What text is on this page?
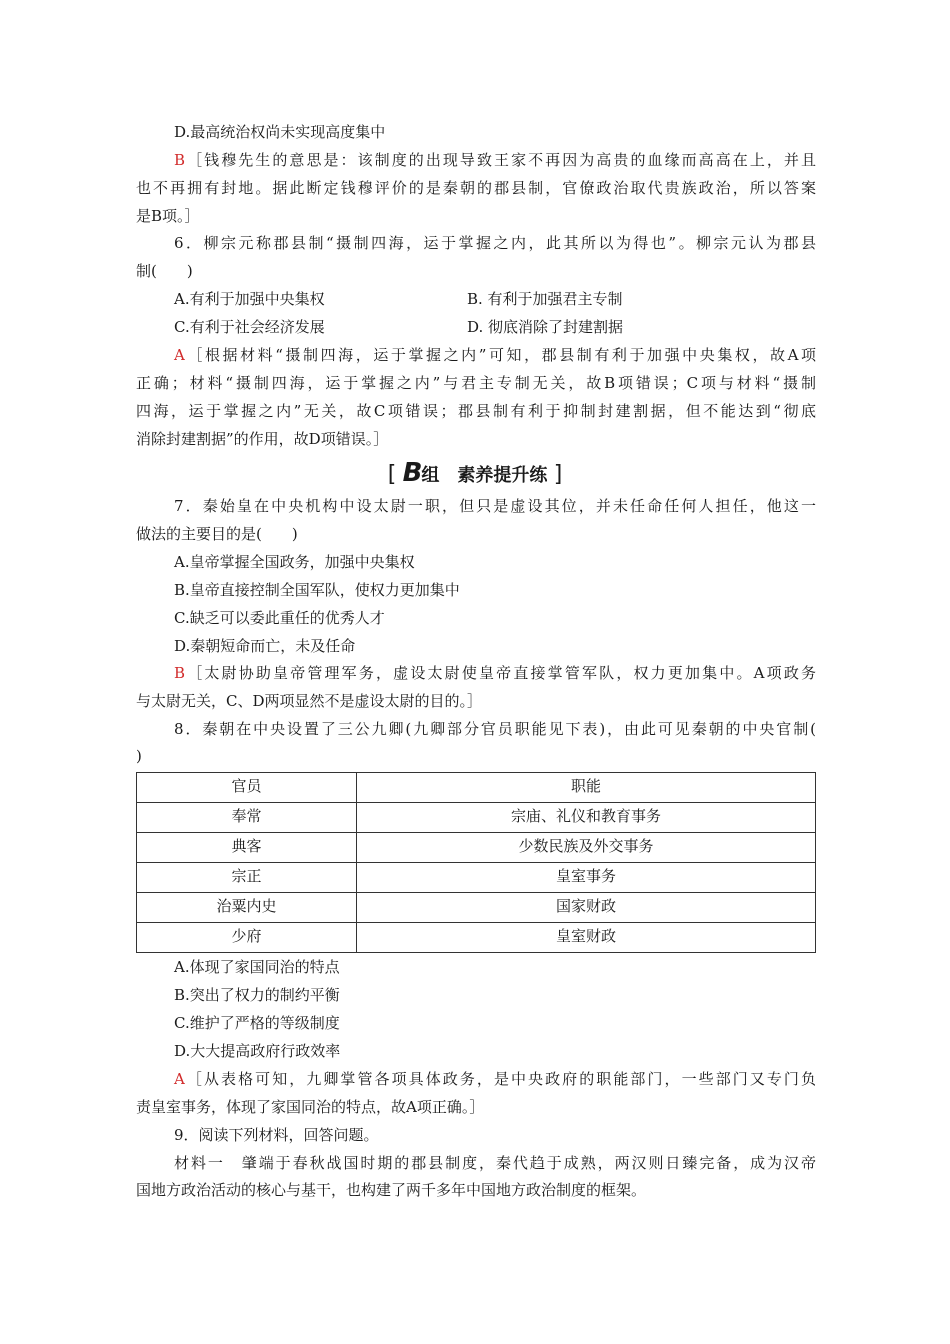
D.最高统治权尚未实现高度集中
B［钱穆先生的意思是：该制度的出现导致王家不再因为高贵的血缘而高高在上，并且
也不再拥有封地。据此断定钱穆评价的是秦朝的郡县制，官僚政治取代贵族政治，所以答案
是B项。］
6．柳宗元称郡县制“摄制四海，运于掌握之内，此其所以为得也”。柳宗元认为郡县
制(　　)
A.有利于加强中央集权	B. 有利于加强君主专制
C.有利于社会经济发展	D. 彻底消除了封建割据
A［根据材料“摄制四海，运于掌握之内”可知，郡县制有利于加强中央集权，故A项
正确；材料“摄制四海，运于掌握之内”与君主专制无关，故B项错误；C项与材料“摄制
四海，运于掌握之内”无关，故C项错误；郡县制有利于抑制封建割据，但不能达到“彻底
消除封建割据”的作用，故D项错误。］
[ B组　素养提升练 ]
7．秦始皇在中央机构中设太尉一职，但只是虚设其位，并未任命任何人担任，他这一
做法的主要目的是(　　)
A.皇帝掌握全国政务，加强中央集权
B.皇帝直接控制全国军队，使权力更加集中
C.缺乏可以委此重任的优秀人才
D.秦朝短命而亡，未及任命
B［太尉协助皇帝管理军务，虚设太尉使皇帝直接掌管军队，权力更加集中。A项政务
与太尉无关，C、D两项显然不是虚设太尉的目的。］
8．秦朝在中央设置了三公九卿(九卿部分官员职能见下表)，由此可见秦朝的中央官制(
)
官员	职能
奉常	宗庙、礼仪和教育事务
典客	少数民族及外交事务
宗正	皇室事务
治粟内史	国家财政
少府	皇室财政
A.体现了家国同治的特点
B.突出了权力的制约平衡
C.维护了严格的等级制度
D.大大提高政府行政效率
A［从表格可知，九卿掌管各项具体政务，是中央政府的职能部门，一些部门又专门负
责皇室事务，体现了家国同治的特点，故A项正确。］
9．阅读下列材料，回答问题。
材料一　肇端于春秋战国时期的郡县制度，秦代趋于成熟，两汉则日臻完备，成为汉帝
国地方政治活动的核心与基干，也构建了两千多年中国地方政治制度的框架。
